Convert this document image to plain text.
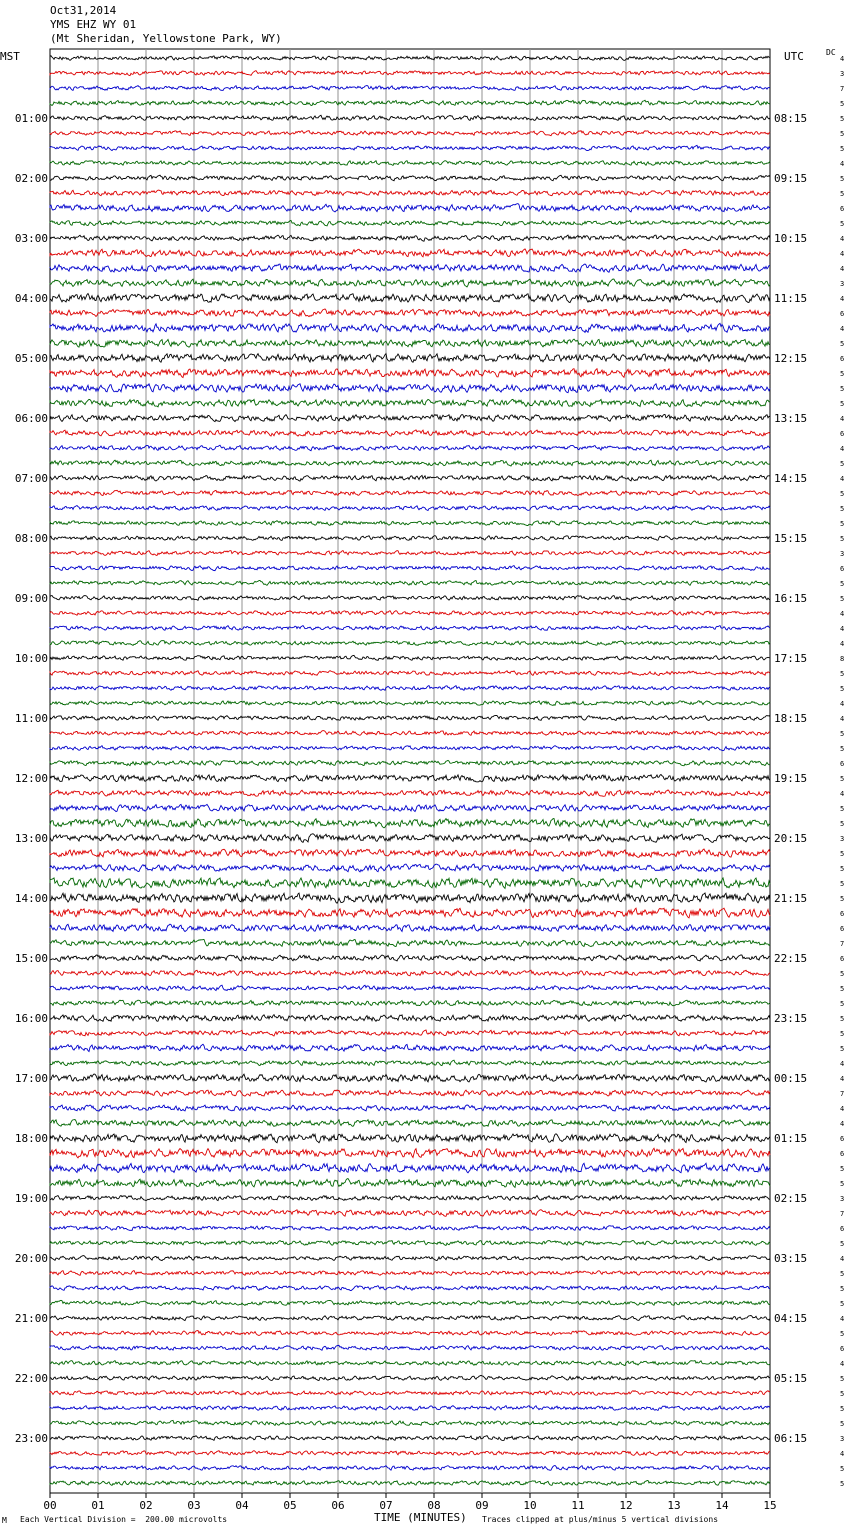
Oct31,2014
YMS EHZ WY 01
(Mt Sheridan, Yellowstone Park, WY)
MST	UTC	DC
4
3
7
5
5
5
5
4
5
5
6
5
4
4
4
3
4
6
4
5
6
5
5
5
4
6
4
5
4
5
5
5
5
3
6
5
5
4
4
4
8
5
5
4
4
5
5
6
5
4
5
5
3
5
5
5
5
6
6
7
6
5
5
5
5
5
5
4
4
7
4
4
6
6
5
5
3
7
6
5
4
5
5
5
4
5
6
4
5
5
5
5
3
4
5
5
01:00
02:00
03:00
04:00
05:00
06:00
07:00
08:00
09:00
10:00
11:00
12:00
13:00
14:00
15:00
16:00
17:00
18:00
19:00
20:00
21:00
22:00
23:00
08:15
09:15
10:15
11:15
12:15
13:15
14:15
15:15
16:15
17:15
18:15
19:15
20:15
21:15
22:15
23:15
00:15
01:15
02:15
03:15
04:15
05:15
06:15
00	01	02	03	04	05	06	07	08	09	10	11	12	13	14	15
M Each Vertical Division =  200.00 microvolts	TIME (MINUTES) Traces clipped at plus/minus 5 vertical divisions
